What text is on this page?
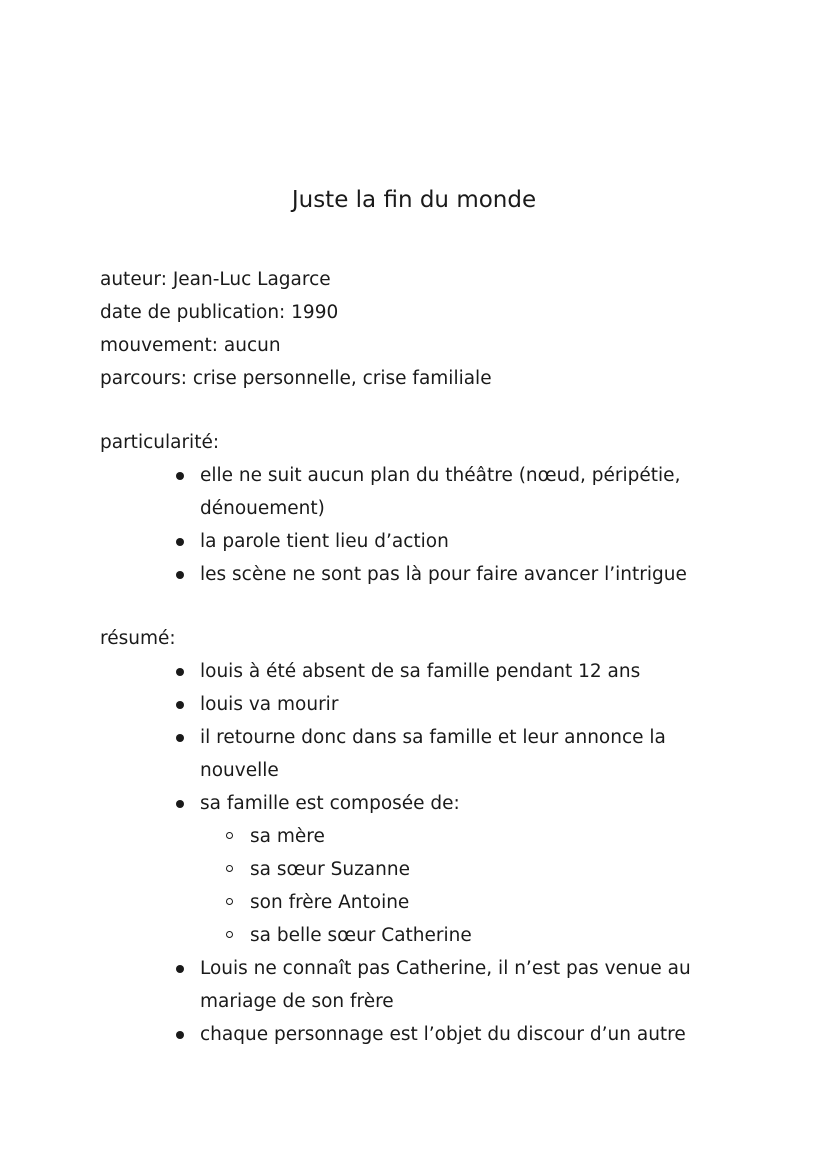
Juste la fin du monde

auteur: Jean-Luc Lagarce

date de publication: 1990

mouvement: aucun

parcours: crise personnelle, crise familiale

particularité:

elle ne suit aucun plan du théâtre (nœud, péripétie, dénouement)
la parole tient lieu d’action
les scène ne sont pas là pour faire avancer l’intrigue

résumé:

louis à été absent de sa famille pendant 12 ans
louis va mourir
il retourne donc dans sa famille et leur annonce la nouvelle
sa famille est composée de:
sa mère
sa sœur Suzanne
son frère Antoine
sa belle sœur Catherine
Louis ne connaît pas Catherine, il n’est pas venue au mariage de son frère
chaque personnage est l’objet du discour d’un autre
